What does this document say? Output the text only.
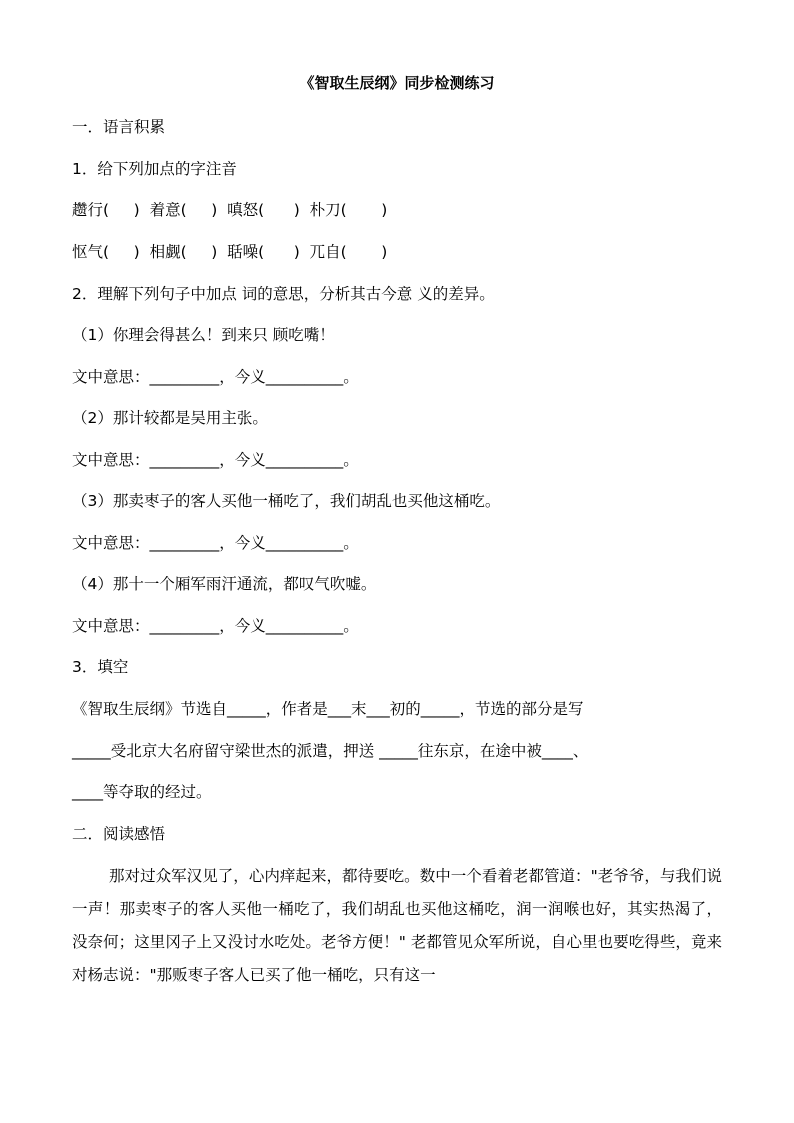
《智取生辰纲》同步检测练习
一．语言积累
1．给下列加点的字注音
趱行(     )  着意(     )  嗔怒(      )  朴刀(       )
怄气(     )  相觑(     )  聒噪(      )  兀自(       )
2．理解下列句子中加点 词的意思，分析其古今意 义的差异。
（1）你理会得甚么！到来只 顾吃嘴！
文中意思：_________，今义__________。
（2）那计较都是吴用主张。
文中意思：_________，今义__________。
（3）那卖枣子的客人买他一桶吃了，我们胡乱也买他这桶吃。
文中意思：_________，今义__________。
（4）那十一个厢军雨汗通流，都叹气吹嘘。
文中意思：_________，今义__________。
3．填空
《智取生辰纲》节选自_____，作者是___末___初的_____，节选的部分是写
_____受北京大名府留守梁世杰的派遣，押送 _____往东京，在途中被____、
____等夺取的经过。
二．阅读感悟
那对过众军汉见了，心内痒起来，都待要吃。数中一个看着老都管道："老爷爷，与我们说一声！那卖枣子的客人买他一桶吃了，我们胡乱也买他这桶吃，润一润喉也好，其实热渴了，没奈何；这里冈子上又没讨水吃处。老爷方便！" 老都管见众军所说，自心里也要吃得些，竟来对杨志说："那贩枣子客人已买了他一桶吃，只有这一
